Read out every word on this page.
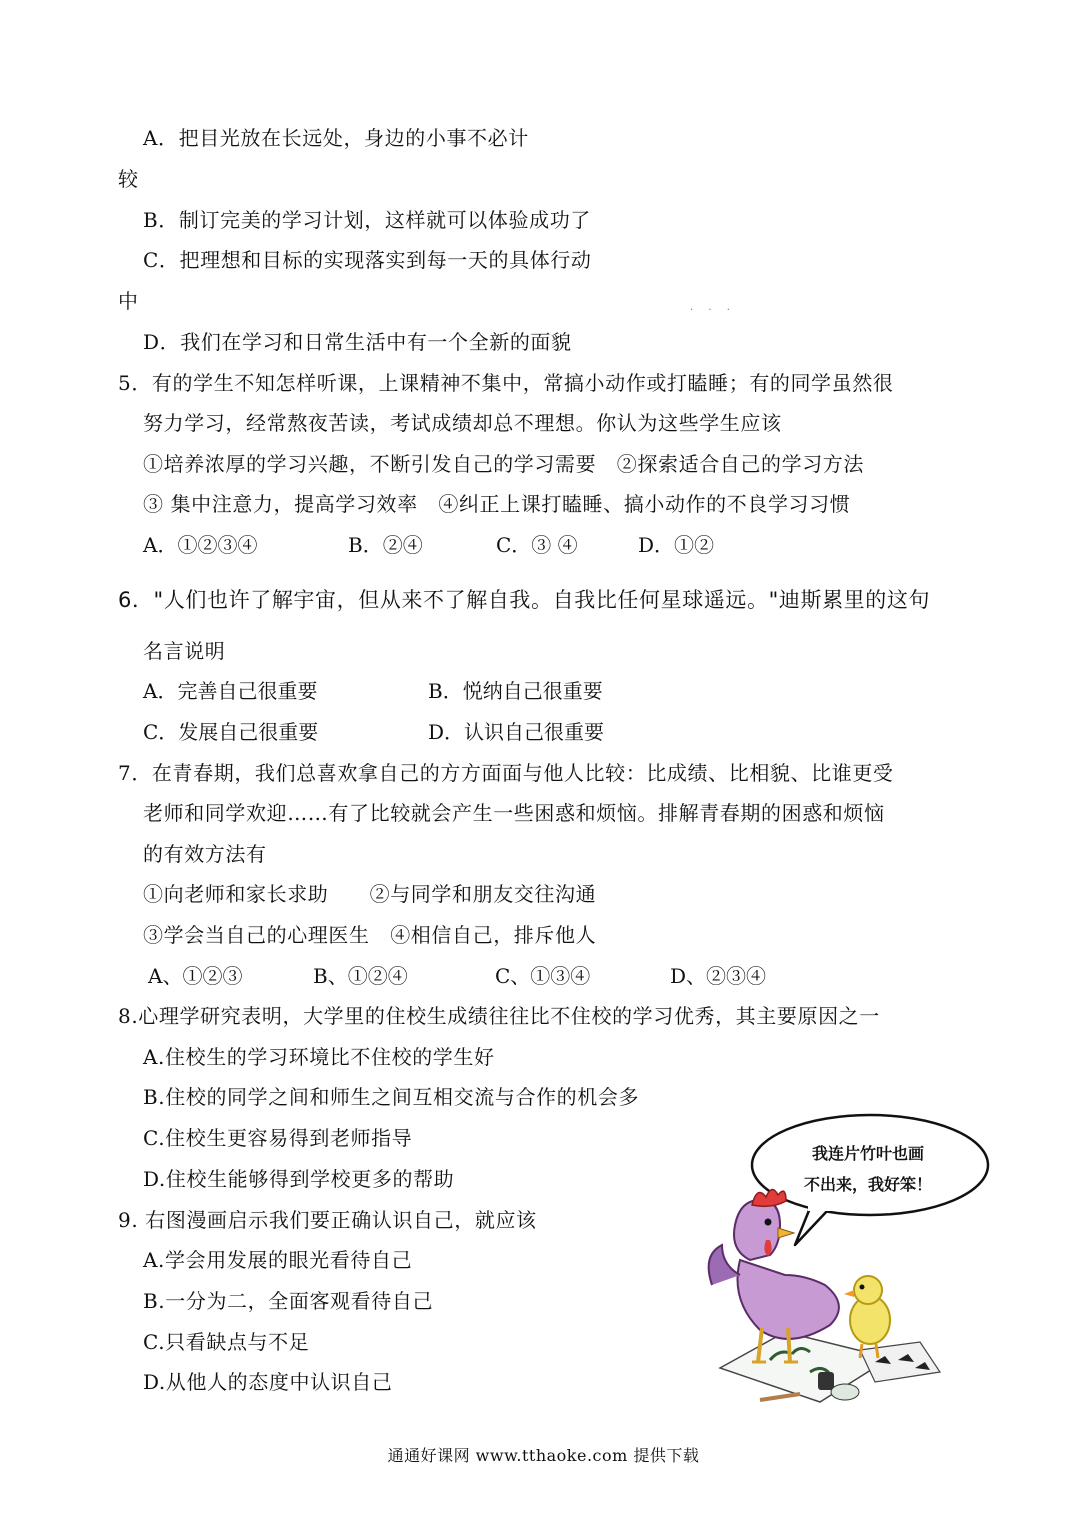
A．把目光放在长远处，身边的小事不必计
较
B．制订完美的学习计划，这样就可以体验成功了
C．把理想和目标的实现落实到每一天的具体行动
中	· · ·
D．我们在学习和日常生活中有一个全新的面貌
5．有的学生不知怎样听课，上课精神不集中，常搞小动作或打瞌睡；有的同学虽然很
努力学习，经常熬夜苦读，考试成绩却总不理想。你认为这些学生应该
①培养浓厚的学习兴趣，不断引发自己的学习需要　②探索适合自己的学习方法
③ 集中注意力，提高学习效率　④纠正上课打瞌睡、搞小动作的不良学习习惯
A．①②③④	B．②④	C．③ ④	D．①②
6．"人们也许了解宇宙，但从来不了解自我。自我比任何星球遥远。"迪斯累里的这句
名言说明
A．完善自己很重要	B．悦纳自己很重要
C．发展自己很重要	D．认识自己很重要
7．在青春期，我们总喜欢拿自己的方方面面与他人比较：比成绩、比相貌、比谁更受
老师和同学欢迎……有了比较就会产生一些困惑和烦恼。排解青春期的困惑和烦恼
的有效方法有
①向老师和家长求助　　②与同学和朋友交往沟通
③学会当自己的心理医生　④相信自己，排斥他人
A、①②③	B、①②④	C、①③④	D、②③④
8.心理学研究表明，大学里的住校生成绩往往比不住校的学习优秀，其主要原因之一
A.住校生的学习环境比不住校的学生好
B.住校的同学之间和师生之间互相交流与合作的机会多
C.住校生更容易得到老师指导
D.住校生能够得到学校更多的帮助
9. 右图漫画启示我们要正确认识自己，就应该
A.学会用发展的眼光看待自己
B.一分为二，全面客观看待自己
C.只看缺点与不足
D.从他人的态度中认识自己
我连片竹叶也画
不出来，我好笨！
通通好课网 www.tthaoke.com 提供下载
